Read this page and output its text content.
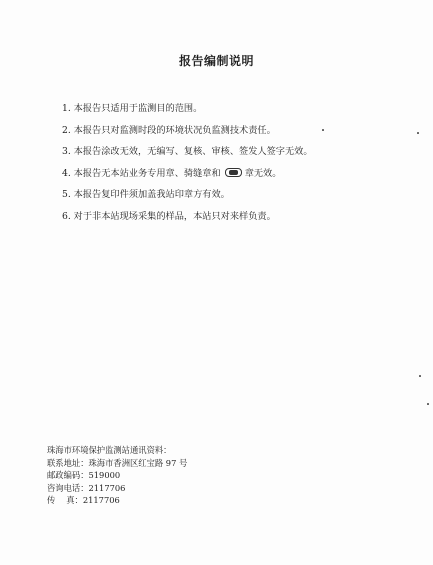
报告编制说明
1. 本报告只适用于监测目的范围。
2. 本报告只对监测时段的环境状况负监测技术责任。
3. 本报告涂改无效，无编写、复核、审核、签发人签字无效。
4. 本报告无本站业务专用章、骑缝章和	章无效。
5. 本报告复印件须加盖我站印章方有效。
6. 对于非本站现场采集的样品，本站只对来样负责。
珠海市环境保护监测站通讯资料：
联系地址：珠海市香洲区红宝路 97 号
邮政编码：519000
咨询电话：2117706
传　 真：2117706
